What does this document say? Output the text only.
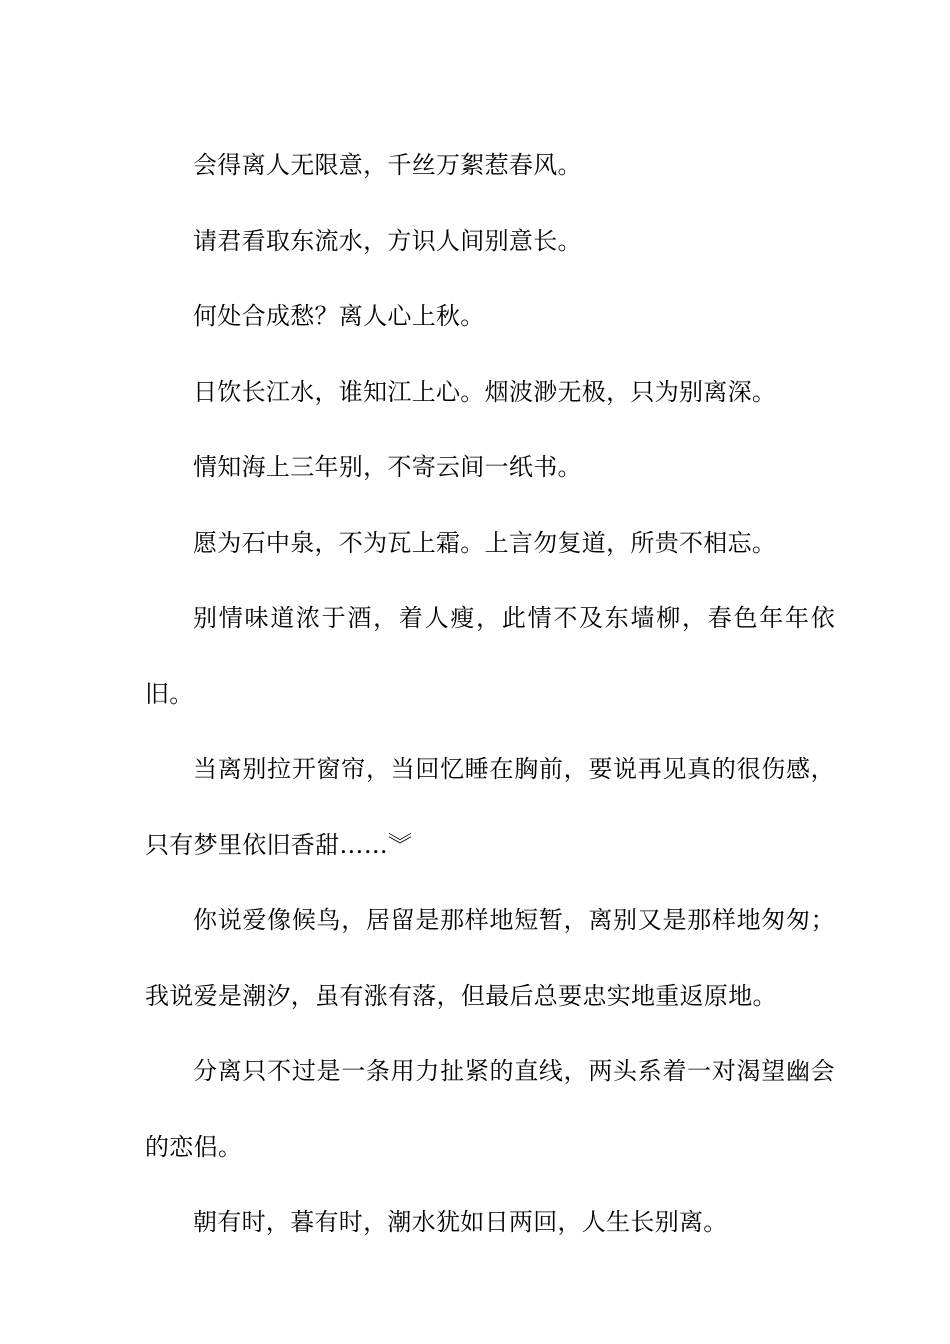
会得离人无限意，千丝万絮惹春风。

请君看取东流水，方识人间别意长。

何处合成愁？离人心上秋。

日饮长江水，谁知江上心。烟波渺无极，只为别离深。

情知海上三年别，不寄云间一纸书。

愿为石中泉，不为瓦上霜。上言勿复道，所贵不相忘。

别情味道浓于酒，着人瘦，此情不及东墙柳，春色年年依旧。

当离别拉开窗帘，当回忆睡在胸前，要说再见真的很伤感，只有梦里依旧香甜……︾

你说爱像候鸟，居留是那样地短暂，离别又是那样地匆匆；我说爱是潮汐，虽有涨有落，但最后总要忠实地重返原地。

分离只不过是一条用力扯紧的直线，两头系着一对渴望幽会的恋侣。

朝有时，暮有时，潮水犹如日两回，人生长别离。
